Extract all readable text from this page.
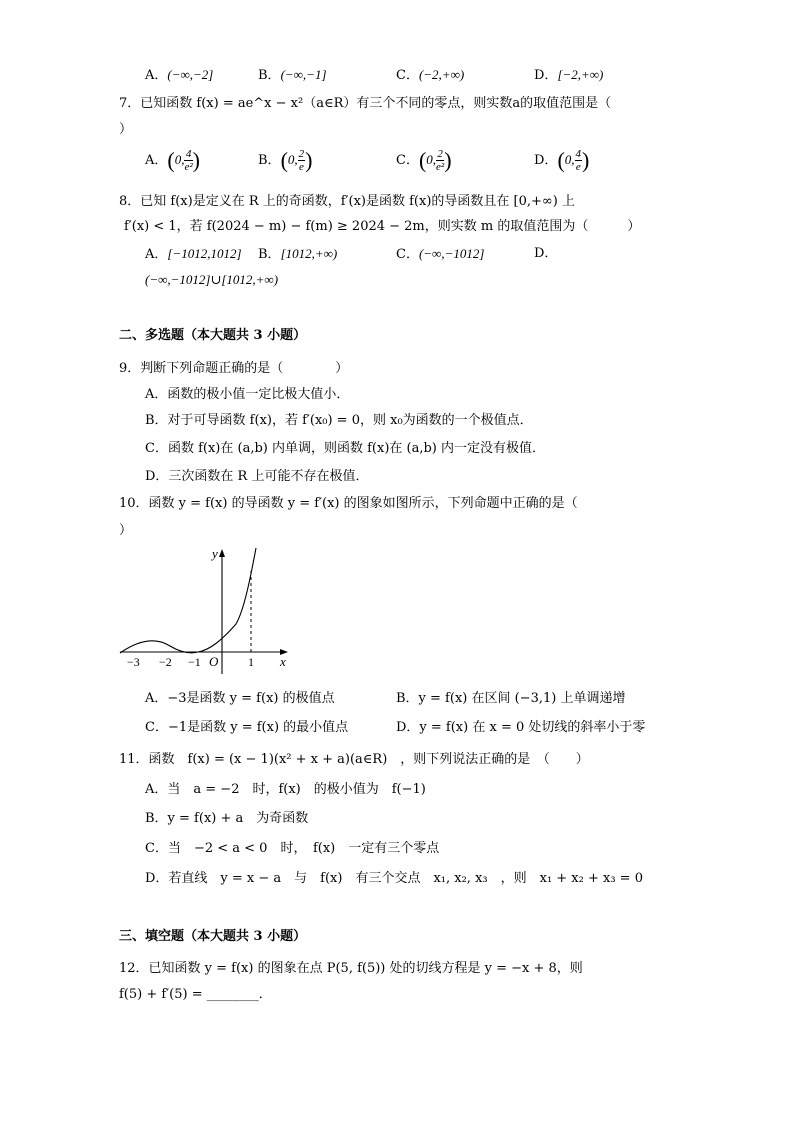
A．(−∞,−2]	B．(−∞,−1]	C．(−2,+∞)	D．[−2,+∞)
7．已知函数 f(x) = ae^x − x²（a∈R）有三个不同的零点，则实数a的取值范围是（
）
A．(0, $\frac{4}{\text{e²}}$ )	B．(0, $\frac{2}{e}$ )	C．(0, $\frac{2}{\text{e²}}$ )	D．(0, $\frac{4}{e}$ )
8．已知 f(x)是定义在 R 上的奇函数，f′(x)是函数 f(x)的导函数且在 [0,+∞) 上
f′(x) < 1，若 f(2024 − m) − f(m) ≥ 2024 − 2m，则实数 m 的取值范围为（　　　）
A．[−1012,1012] B．[1012,+∞)	C．(−∞,−1012]	D．
(−∞,−1012]∪[1012,+∞)
二、多选题（本大题共 3 小题）
9．判断下列命题正确的是（　　　　）
A．函数的极小值一定比极大值小．
B．对于可导函数 f(x)，若 f′(x₀) = 0，则 x₀为函数的一个极值点．
C．函数 f(x)在 (a,b) 内单调，则函数 f(x)在 (a,b) 内一定没有极值．
D．三次函数在 R 上可能不存在极值．
10．函数 y = f(x) 的导函数 y = f′(x) 的图象如图所示，下列命题中正确的是（
）
y
x
O
−3 −2 −1	1
A．−3是函数 y = f(x) 的极值点	B．y = f(x) 在区间 (−3,1) 上单调递增
C．−1是函数 y = f(x) 的最小值点	D．y = f(x) 在 x = 0 处切线的斜率小于零
11．函数　f(x) = (x − 1)(x² + x + a)(a∈R)　，则下列说法正确的是　（　　）
A．当　a = −2　时，f(x)　的极小值为　f(−1)
B．y = f(x) + a　为奇函数
C．当　−2 < a < 0　时，　f(x)　一定有三个零点
D．若直线　y = x − a　与　f(x)　有三个交点　x₁, x₂, x₃　，则　x₁ + x₂ + x₃ = 0
三、填空题（本大题共 3 小题）
12．已知函数 y = f(x) 的图象在点 P(5, f(5)) 处的切线方程是 y = −x + 8，则
f(5) + f′(5) = ________．
